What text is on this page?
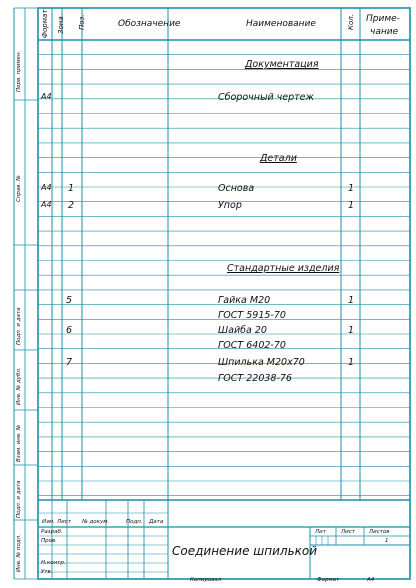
Формат Зона Поз.	Обозначение	Наименование	Кол. Приме-
чание
Перв. примен.
Справ. №
Подп. и дата
Инв. № дубл.
Взам. инв. №
Подп. и дата
Инв. № подл.
Документация
А4	Сборочный чертеж
Детали
А4 1	Основа	1
А4 2	Упор	1
Стандартные изделия
5	Гайка М20	1
ГОСТ 5915-70
6	Шайба 20	1
ГОСТ 6402-70
7	Шпилька М20х70	1
ГОСТ 22038-76
Изм. Лист № докум.	Подп. Дата
Разраб.
Пров.
Н.контр.
Утв.
Соединение шпилькой
Лит	Лист	Листов
1
Копировал	Формат	А4
